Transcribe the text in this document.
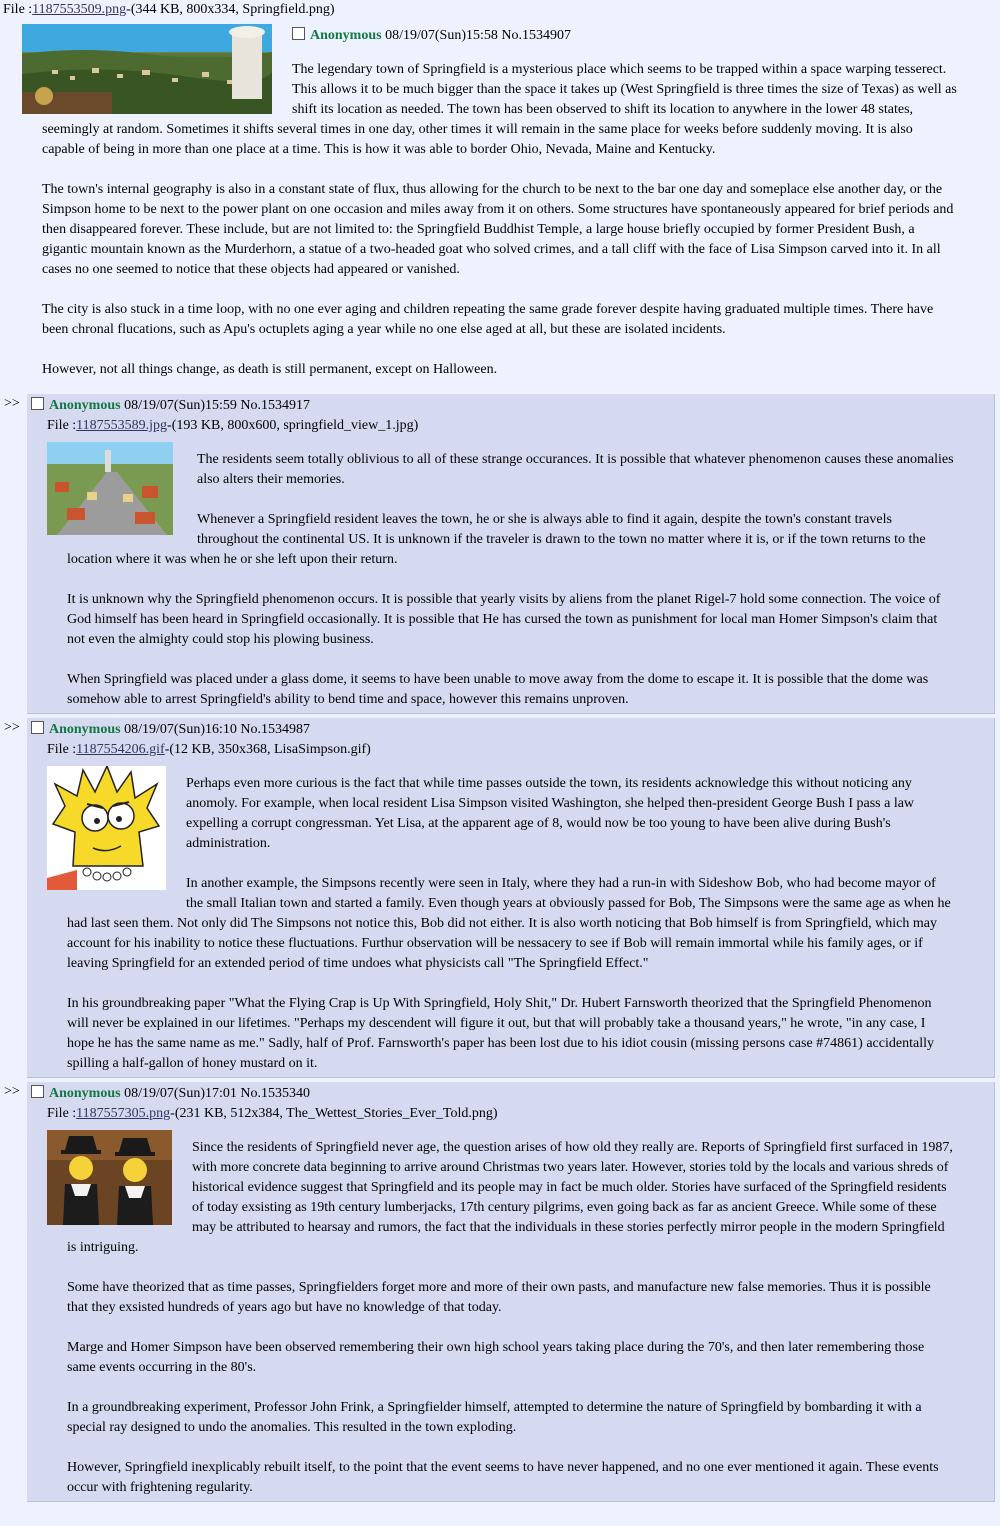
File :1187553509.png-(344 KB, 800x334, Springfield.png)
Anonymous 08/19/07(Sun)15:58 No.1534907

The legendary town of Springfield is a mysterious place which seems to be trapped within a space warping tesserect. This allows it to be much bigger than the space it takes up (West Springfield is three times the size of Texas) as well as shift its location as needed. The town has been observed to shift its location to anywhere in the lower 48 states, seemingly at random. Sometimes it shifts several times in one day, other times it will remain in the same place for weeks before suddenly moving. It is also capable of being in more than one place at a time. This is how it was able to border Ohio, Nevada, Maine and Kentucky.

The town's internal geography is also in a constant state of flux, thus allowing for the church to be next to the bar one day and someplace else another day, or the Simpson home to be next to the power plant on one occasion and miles away from it on others. Some structures have spontaneously appeared for brief periods and then disappeared forever. These include, but are not limited to: the Springfield Buddhist Temple, a large house briefly occupied by former President Bush, a gigantic mountain known as the Murderhorn, a statue of a two-headed goat who solved crimes, and a tall cliff with the face of Lisa Simpson carved into it. In all cases no one seemed to notice that these objects had appeared or vanished.

The city is also stuck in a time loop, with no one ever aging and children repeating the same grade forever despite having graduated multiple times. There have been chronal flucations, such as Apu's octuplets aging a year while no one else aged at all, but these are isolated incidents.

However, not all things change, as death is still permanent, except on Halloween.

>>	Anonymous 08/19/07(Sun)15:59 No.1534917
File :1187553589.jpg-(193 KB, 800x600, springfield_view_1.jpg)

The residents seem totally oblivious to all of these strange occurances. It is possible that whatever phenomenon causes these anomalies also alters their memories.

Whenever a Springfield resident leaves the town, he or she is always able to find it again, despite the town's constant travels throughout the continental US. It is unknown if the traveler is drawn to the town no matter where it is, or if the town returns to the location where it was when he or she left upon their return.

It is unknown why the Springfield phenomenon occurs. It is possible that yearly visits by aliens from the planet Rigel-7 hold some connection. The voice of God himself has been heard in Springfield occasionally. It is possible that He has cursed the town as punishment for local man Homer Simpson's claim that not even the almighty could stop his plowing business.

When Springfield was placed under a glass dome, it seems to have been unable to move away from the dome to escape it. It is possible that the dome was somehow able to arrest Springfield's ability to bend time and space, however this remains unproven.

>>	Anonymous 08/19/07(Sun)16:10 No.1534987
File :1187554206.gif-(12 KB, 350x368, LisaSimpson.gif)

Perhaps even more curious is the fact that while time passes outside the town, its residents acknowledge this without noticing any anomoly. For example, when local resident Lisa Simpson visited Washington, she helped then-president George Bush I pass a law expelling a corrupt congressman. Yet Lisa, at the apparent age of 8, would now be too young to have been alive during Bush's administration.

In another example, the Simpsons recently were seen in Italy, where they had a run-in with Sideshow Bob, who had become mayor of the small Italian town and started a family. Even though years at obviously passed for Bob, The Simpsons were the same age as when he had last seen them. Not only did The Simpsons not notice this, Bob did not either. It is also worth noticing that Bob himself is from Springfield, which may account for his inability to notice these fluctuations. Furthur observation will be nessacery to see if Bob will remain immortal while his family ages, or if leaving Springfield for an extended period of time undoes what physicists call "The Springfield Effect."

In his groundbreaking paper "What the Flying Crap is Up With Springfield, Holy Shit," Dr. Hubert Farnsworth theorized that the Springfield Phenomenon will never be explained in our lifetimes. "Perhaps my descendent will figure it out, but that will probably take a thousand years," he wrote, "in any case, I hope he has the same name as me." Sadly, half of Prof. Farnsworth's paper has been lost due to his idiot cousin (missing persons case #74861) accidentally spilling a half-gallon of honey mustard on it.

>>	Anonymous 08/19/07(Sun)17:01 No.1535340
File :1187557305.png-(231 KB, 512x384, The_Wettest_Stories_Ever_Told.png)

Since the residents of Springfield never age, the question arises of how old they really are. Reports of Springfield first surfaced in 1987, with more concrete data beginning to arrive around Christmas two years later. However, stories told by the locals and various shreds of historical evidence suggest that Springfield and its people may in fact be much older. Stories have surfaced of the Springfield residents of today exsisting as 19th century lumberjacks, 17th century pilgrims, even going back as far as ancient Greece. While some of these may be attributed to hearsay and rumors, the fact that the individuals in these stories perfectly mirror people in the modern Springfield is intriguing.

Some have theorized that as time passes, Springfielders forget more and more of their own pasts, and manufacture new false memories. Thus it is possible that they exsisted hundreds of years ago but have no knowledge of that today.

Marge and Homer Simpson have been observed remembering their own high school years taking place during the 70's, and then later remembering those same events occurring in the 80's.

In a groundbreaking experiment, Professor John Frink, a Springfielder himself, attempted to determine the nature of Springfield by bombarding it with a special ray designed to undo the anomalies. This resulted in the town exploding.

However, Springfield inexplicably rebuilt itself, to the point that the event seems to have never happened, and no one ever mentioned it again. These events occur with frightening regularity.
